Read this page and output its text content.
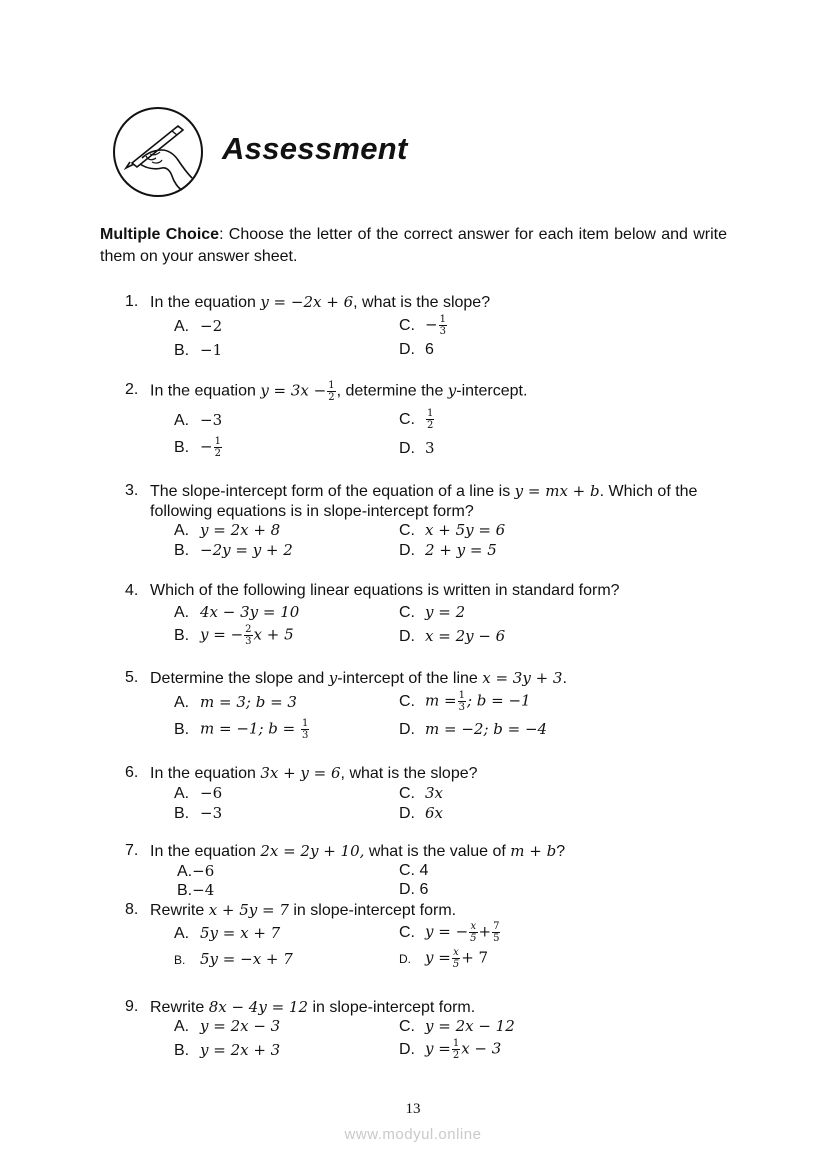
Assessment
Multiple Choice: Choose the letter of the correct answer for each item below and write them on your answer sheet.
1. In the equation y = −2x + 6, what is the slope?
A. −2
B. −1
C. − $\frac{1}{3}$
D. 6
2. In the equation $y = 3x - \frac{1}{2}$ , determine the y-intercept.
A. −3
B. − $\frac{1}{2}$
C. $\frac{1}{2}$
D. 3
3. The slope-intercept form of the equation of a line is y = mx + b. Which of the following equations is in slope-intercept form?
A. y = 2x + 8
B. −2y = y + 2
C. x + 5y = 6
D. 2 + y = 5
4. Which of the following linear equations is written in standard form?
A. 4x − 3y = 10
B. y = − $\frac{2}{3}$ x + 5
C. y = 2
D. x = 2y − 6
5. Determine the slope and y-intercept of the line x = 3y + 3.
A. m = 3; b = 3
B. m = −1; $b = \frac{1}{3}$
C. $m = \frac{1}{3}$ ; b = −1
D. m = −2; b = −4
6. In the equation 3x + y = 6, what is the slope?
A. −6
B. −3
C. 3x
D. 6x
7. In the equation 2x = 2y + 10, what is the value of m + b?
A.−6
B.−4
C. 4
D. 6
8. Rewrite x + 5y = 7 in slope-intercept form.
A. 5y = x + 7
B. 5y = −x + 7
C. y = − $\frac{x}{5} + \frac{7}{5}$
D. $y = \frac{x}{5} + 7$
9. Rewrite 8x − 4y = 12 in slope-intercept form.
A. y = 2x − 3
B. y = 2x + 3
C. y = 2x − 12
D. $y = \frac{1}{2}$ x − 3
13
www.modyul.online
